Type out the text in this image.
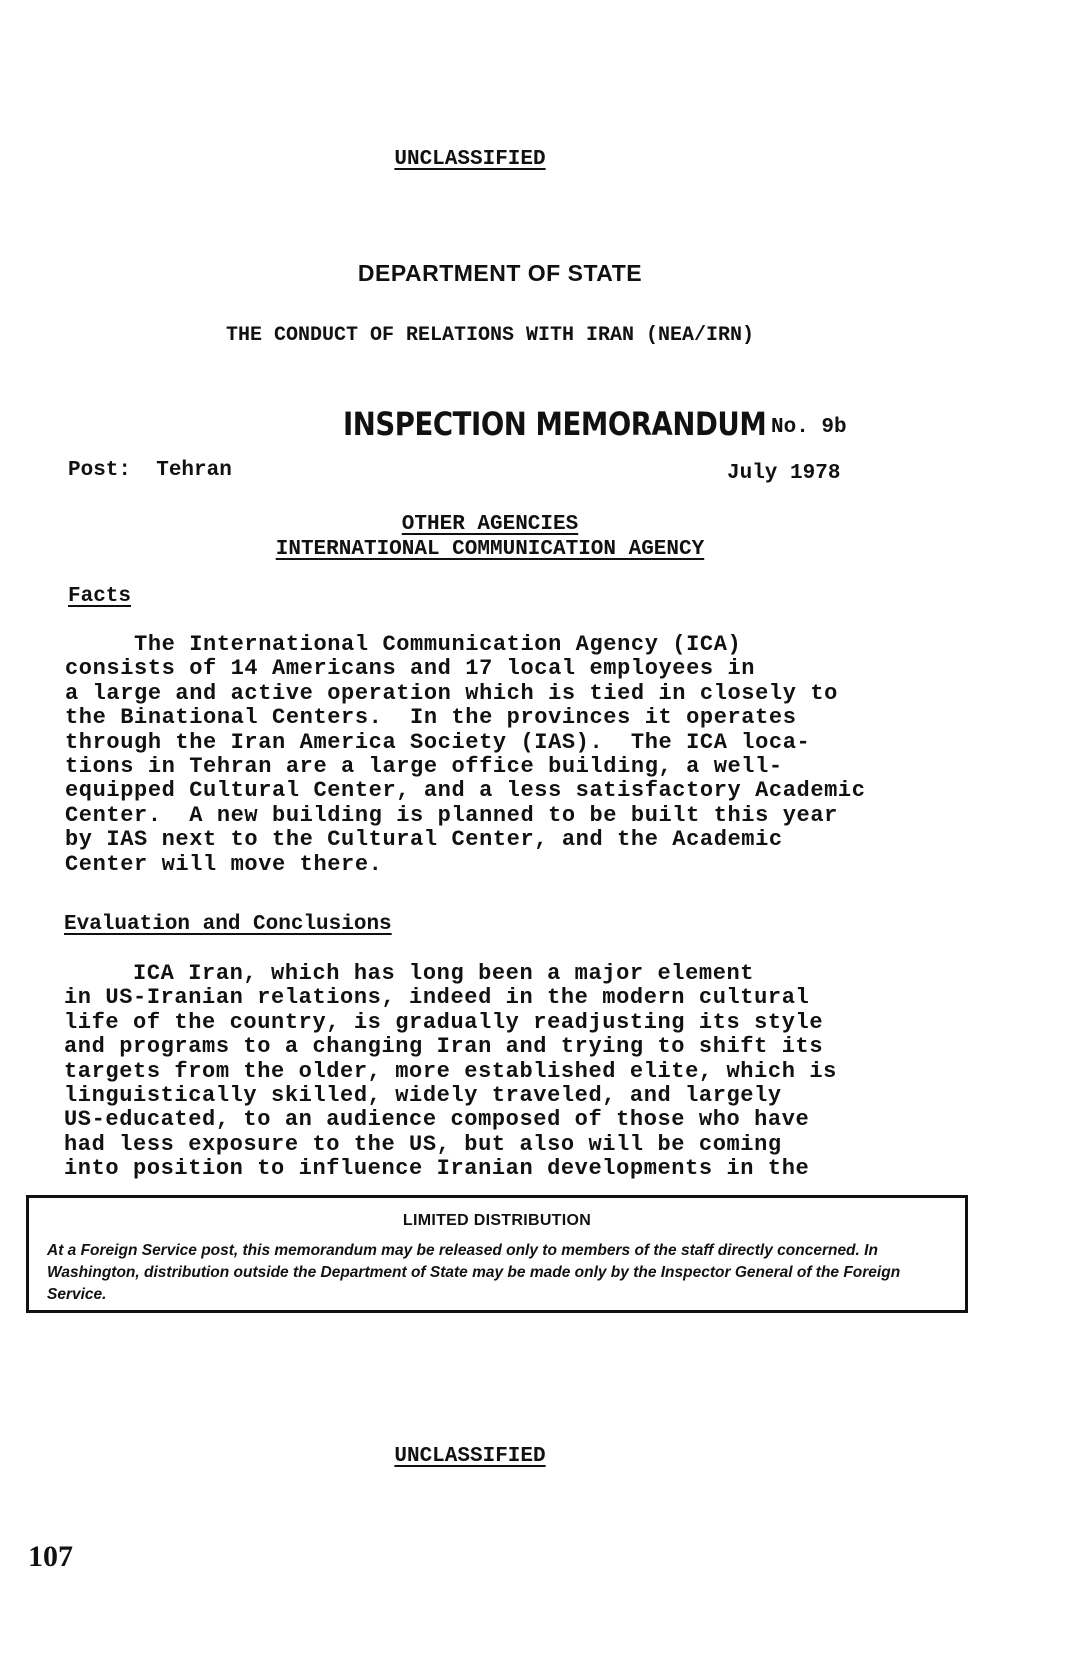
UNCLASSIFIED
DEPARTMENT OF STATE
THE CONDUCT OF RELATIONS WITH IRAN (NEA/IRN)
INSPECTION MEMORANDUM No. 9b
Post:  Tehran	July 1978
OTHER AGENCIES
INTERNATIONAL COMMUNICATION AGENCY
Facts
The International Communication Agency (ICA)
consists of 14 Americans and 17 local employees in
a large and active operation which is tied in closely to
the Binational Centers.  In the provinces it operates
through the Iran America Society (IAS).  The ICA loca-
tions in Tehran are a large office building, a well-
equipped Cultural Center, and a less satisfactory Academic
Center.  A new building is planned to be built this year
by IAS next to the Cultural Center, and the Academic
Center will move there.
Evaluation and Conclusions
ICA Iran, which has long been a major element
in US-Iranian relations, indeed in the modern cultural
life of the country, is gradually readjusting its style
and programs to a changing Iran and trying to shift its
targets from the older, more established elite, which is
linguistically skilled, widely traveled, and largely
US-educated, to an audience composed of those who have
had less exposure to the US, but also will be coming
into position to influence Iranian developments in the
LIMITED DISTRIBUTION
At a Foreign Service post, this memorandum may be released only to members of the staff directly concerned. In Washington, distribution outside the Department of State may be made only by the Inspector General of the Foreign Service.
UNCLASSIFIED
107
